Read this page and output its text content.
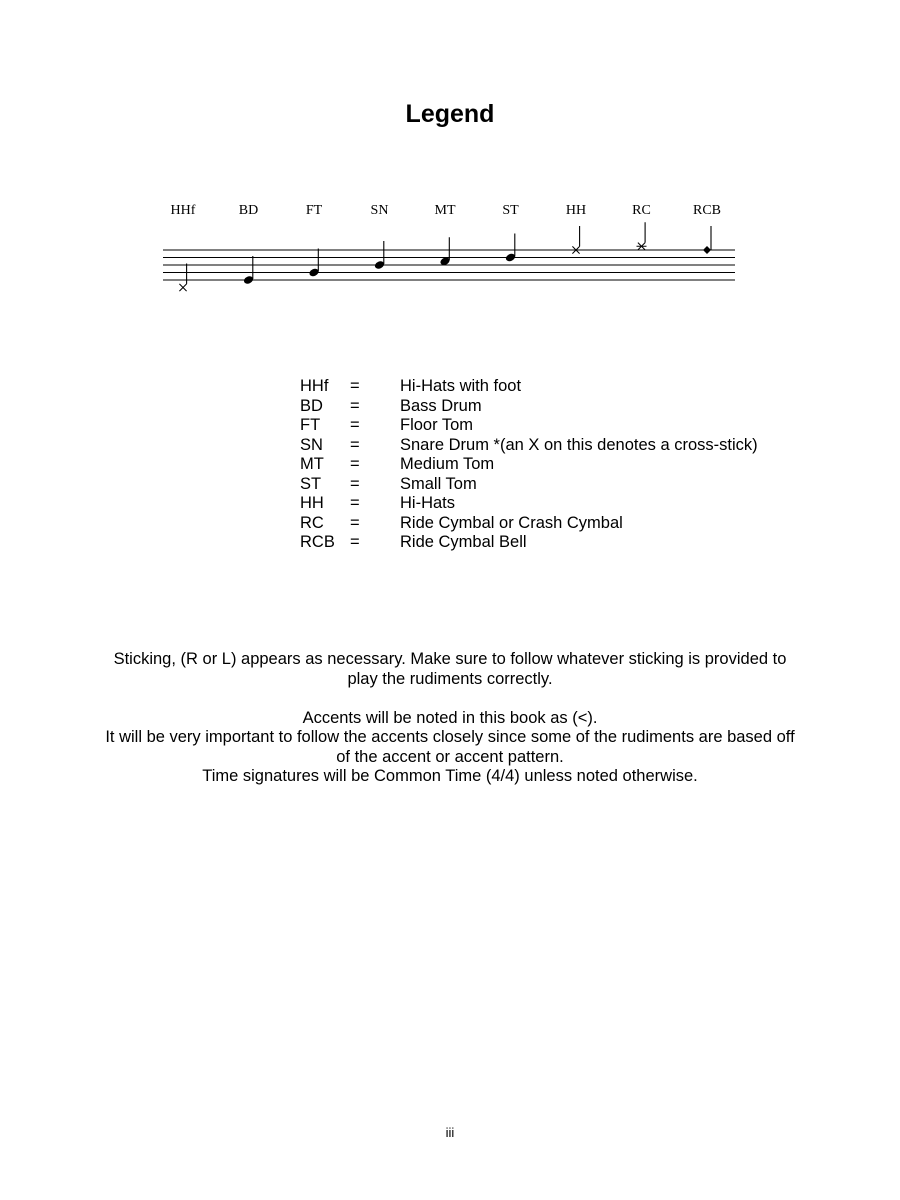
Legend
HHf	BD	FT	SN	MT	ST	HH	RC	RCB
HHf	=	Hi-Hats with foot
BD	=	Bass Drum
FT	=	Floor Tom
SN	=	Snare Drum *(an X on this denotes a cross-stick)
MT	=	Medium Tom
ST	=	Small Tom
HH	=	Hi-Hats
RC	=	Ride Cymbal or Crash Cymbal
RCB =	Ride Cymbal Bell

Sticking, (R or L) appears as necessary. Make sure to follow whatever sticking is provided to

play the rudiments correctly.

Accents will be noted in this book as (<).

It will be very important to follow the accents closely since some of the rudiments are based off

of the accent or accent pattern.

Time signatures will be Common Time (4/4) unless noted otherwise.

iii
